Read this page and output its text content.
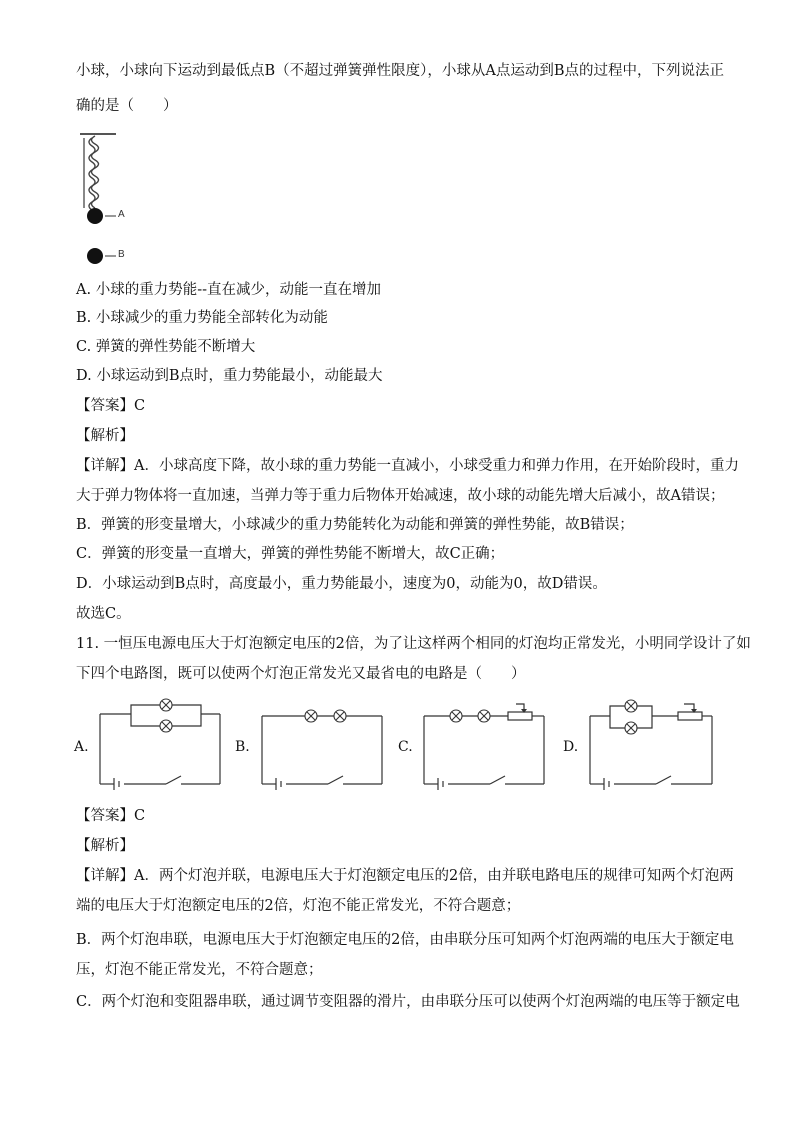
小球，小球向下运动到最低点B（不超过弹簧弹性限度），小球从A点运动到B点的过程中，下列说法正
确的是（　　）
A
B
A. 小球的重力势能--直在减少，动能一直在增加
B. 小球减少的重力势能全部转化为动能
C. 弹簧的弹性势能不断增大
D. 小球运动到B点时，重力势能最小，动能最大
【答案】C
【解析】
【详解】A．小球高度下降，故小球的重力势能一直减小，小球受重力和弹力作用，在开始阶段时，重力
大于弹力物体将一直加速，当弹力等于重力后物体开始减速，故小球的动能先增大后减小，故A错误；
B．弹簧的形变量增大，小球减少的重力势能转化为动能和弹簧的弹性势能，故B错误；
C．弹簧的形变量一直增大，弹簧的弹性势能不断增大，故C正确；
D．小球运动到B点时，高度最小，重力势能最小，速度为0，动能为0，故D错误。
故选C。
11. 一恒压电源电压大于灯泡额定电压的2倍，为了让这样两个相同的灯泡均正常发光，小明同学设计了如
下四个电路图，既可以使两个灯泡正常发光又最省电的电路是（　　）
A.	B.	C.	D.
【答案】C
【解析】
【详解】A．两个灯泡并联，电源电压大于灯泡额定电压的2倍，由并联电路电压的规律可知两个灯泡两
端的电压大于灯泡额定电压的2倍，灯泡不能正常发光，不符合题意；
B．两个灯泡串联，电源电压大于灯泡额定电压的2倍，由串联分压可知两个灯泡两端的电压大于额定电
压，灯泡不能正常发光，不符合题意；
C．两个灯泡和变阻器串联，通过调节变阻器的滑片，由串联分压可以使两个灯泡两端的电压等于额定电
